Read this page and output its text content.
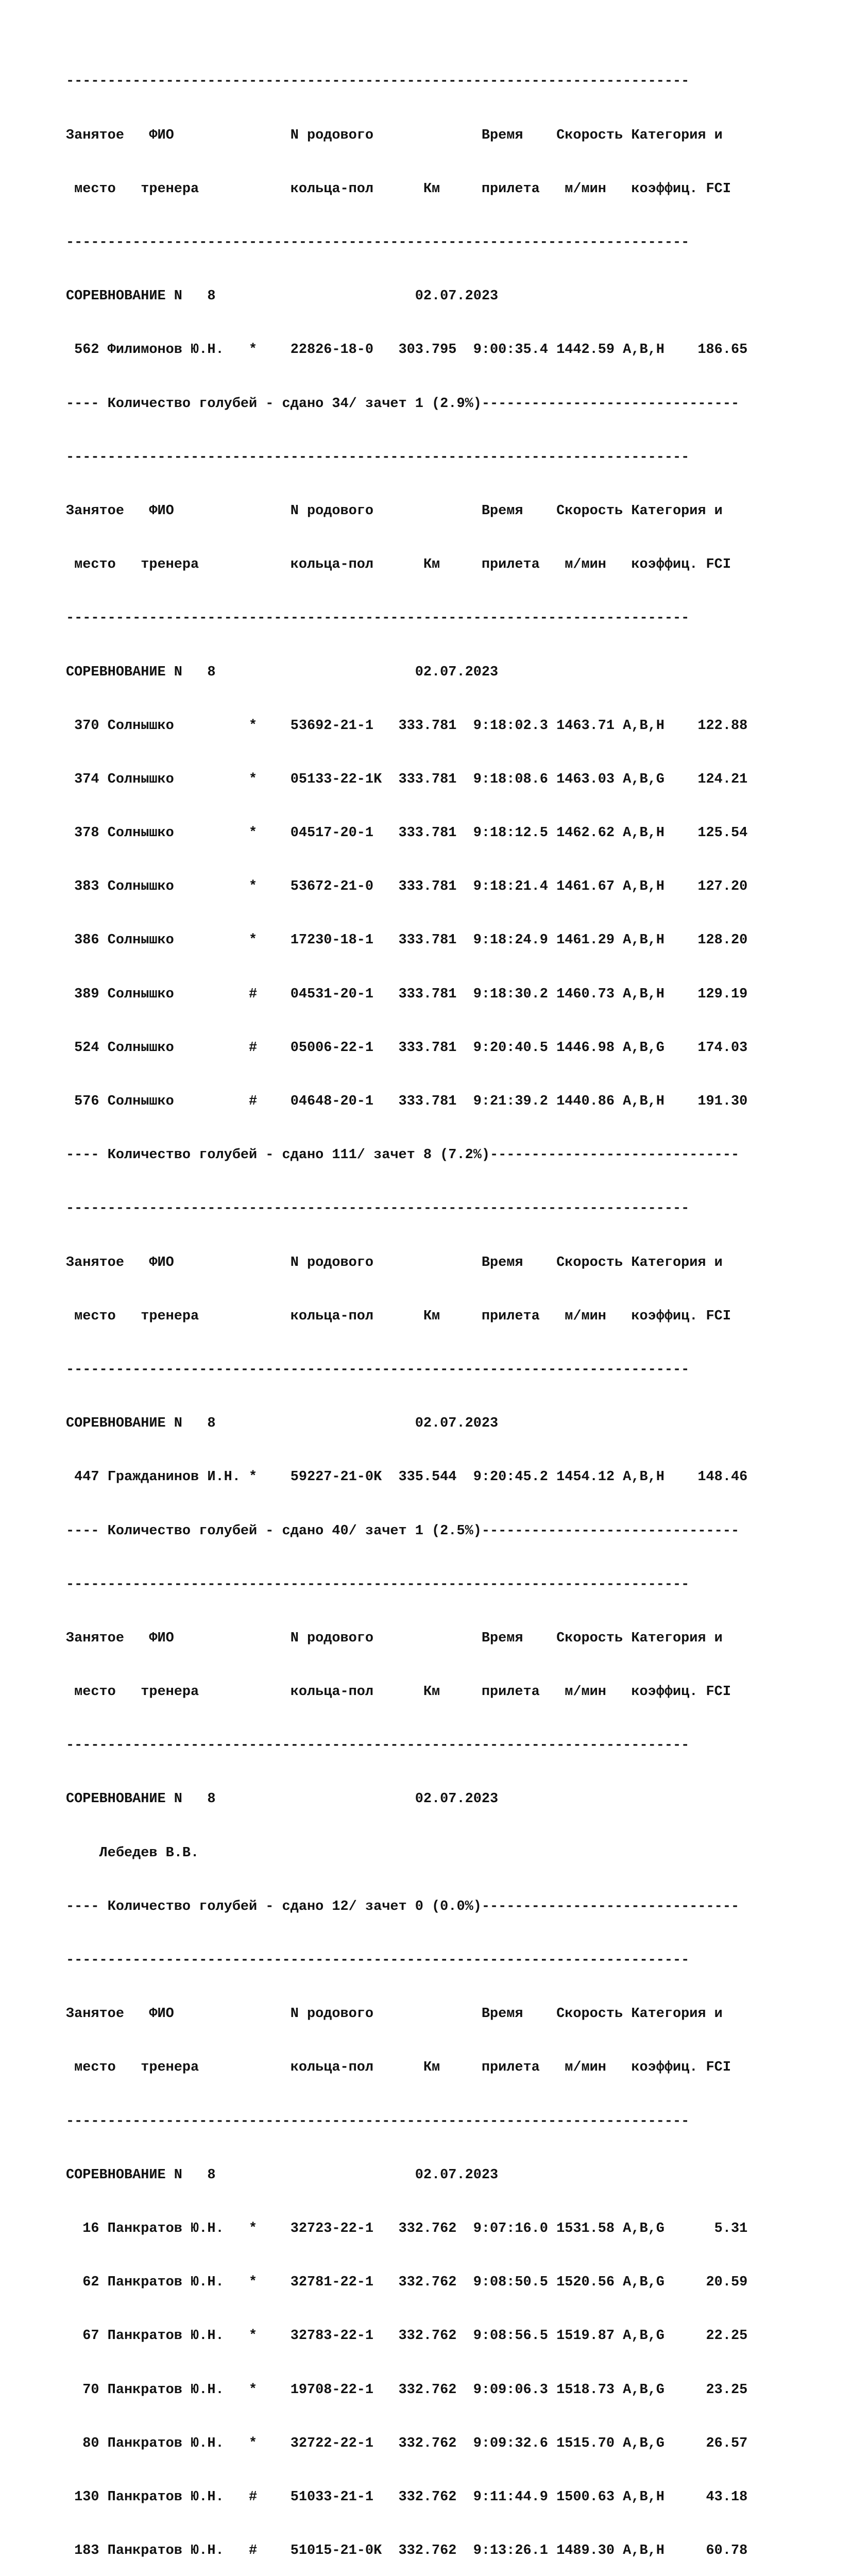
---------------------------------------------------------------------------

Занятое   ФИО              N родового             Время    Скорость Категория и

место   тренера           кольца-пол      Км     прилета   м/мин   коэффиц. FCI

---------------------------------------------------------------------------

СОРЕВНОВАНИЕ N   8                        02.07.2023

562 Филимонов Ю.Н.   *    22826-18-0   303.795  9:00:35.4 1442.59 A,B,H    186.65

---- Количество голубей - сдано 34/ зачет 1 (2.9%)-------------------------------

---------------------------------------------------------------------------

Занятое   ФИО              N родового             Время    Скорость Категория и

место   тренера           кольца-пол      Км     прилета   м/мин   коэффиц. FCI

---------------------------------------------------------------------------

СОРЕВНОВАНИЕ N   8                        02.07.2023

370 Солнышко         *    53692-21-1   333.781  9:18:02.3 1463.71 A,B,H    122.88

374 Солнышко         *    05133-22-1K  333.781  9:18:08.6 1463.03 A,B,G    124.21

378 Солнышко         *    04517-20-1   333.781  9:18:12.5 1462.62 A,B,H    125.54

383 Солнышко         *    53672-21-0   333.781  9:18:21.4 1461.67 A,B,H    127.20

386 Солнышко         *    17230-18-1   333.781  9:18:24.9 1461.29 A,B,H    128.20

389 Солнышко         #    04531-20-1   333.781  9:18:30.2 1460.73 A,B,H    129.19

524 Солнышко         #    05006-22-1   333.781  9:20:40.5 1446.98 A,B,G    174.03

576 Солнышко         #    04648-20-1   333.781  9:21:39.2 1440.86 A,B,H    191.30

---- Количество голубей - сдано 111/ зачет 8 (7.2%)------------------------------

---------------------------------------------------------------------------

Занятое   ФИО              N родового             Время    Скорость Категория и

место   тренера           кольца-пол      Км     прилета   м/мин   коэффиц. FCI

---------------------------------------------------------------------------

СОРЕВНОВАНИЕ N   8                        02.07.2023

447 Гражданинов И.Н. *    59227-21-0K  335.544  9:20:45.2 1454.12 A,B,H    148.46

---- Количество голубей - сдано 40/ зачет 1 (2.5%)-------------------------------

---------------------------------------------------------------------------

Занятое   ФИО              N родового             Время    Скорость Категория и

место   тренера           кольца-пол      Км     прилета   м/мин   коэффиц. FCI

---------------------------------------------------------------------------

СОРЕВНОВАНИЕ N   8                        02.07.2023

Лебедев В.В.

---- Количество голубей - сдано 12/ зачет 0 (0.0%)-------------------------------

---------------------------------------------------------------------------

Занятое   ФИО              N родового             Время    Скорость Категория и

место   тренера           кольца-пол      Км     прилета   м/мин   коэффиц. FCI

---------------------------------------------------------------------------

СОРЕВНОВАНИЕ N   8                        02.07.2023

16 Панкратов Ю.Н.   *    32723-22-1   332.762  9:07:16.0 1531.58 A,B,G      5.31

62 Панкратов Ю.Н.   *    32781-22-1   332.762  9:08:50.5 1520.56 A,B,G     20.59

67 Панкратов Ю.Н.   *    32783-22-1   332.762  9:08:56.5 1519.87 A,B,G     22.25

70 Панкратов Ю.Н.   *    19708-22-1   332.762  9:09:06.3 1518.73 A,B,G     23.25

80 Панкратов Ю.Н.   *    32722-22-1   332.762  9:09:32.6 1515.70 A,B,G     26.57

130 Панкратов Ю.Н.   #    51033-21-1   332.762  9:11:44.9 1500.63 A,B,H     43.18

183 Панкратов Ю.Н.   #    51015-21-0K  332.762  9:13:26.1 1489.30 A,B,H     60.78
